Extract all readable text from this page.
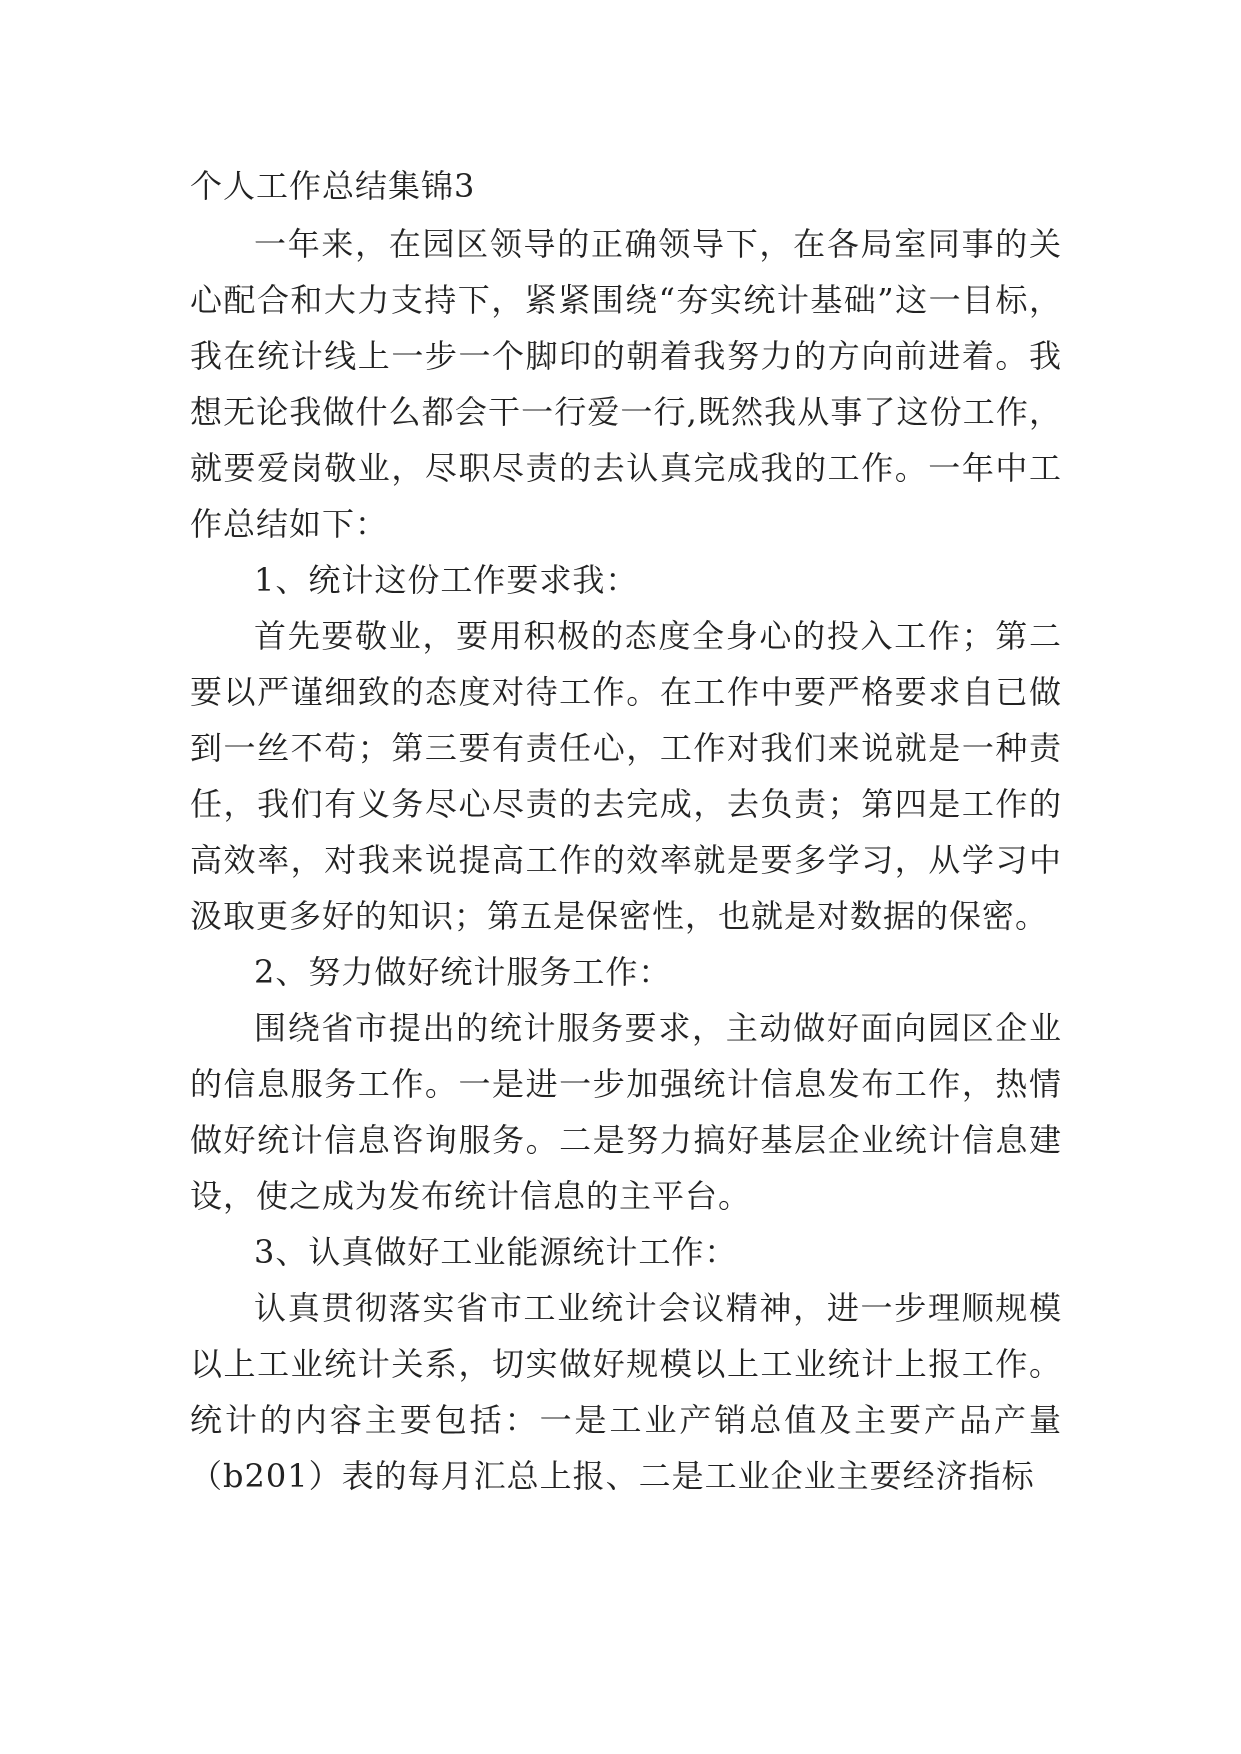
个人工作总结集锦3

一年来，在园区领导的正确领导下，在各局室同事的关心配合和大力支持下，紧紧围绕“夯实统计基础”这一目标，我在统计线上一步一个脚印的朝着我努力的方向前进着。我想无论我做什么都会干一行爱一行,既然我从事了这份工作，就要爱岗敬业，尽职尽责的去认真完成我的工作。一年中工作总结如下：

1、统计这份工作要求我：

首先要敬业，要用积极的态度全身心的投入工作；第二要以严谨细致的态度对待工作。在工作中要严格要求自已做到一丝不苟；第三要有责任心，工作对我们来说就是一种责任，我们有义务尽心尽责的去完成，去负责；第四是工作的高效率，对我来说提高工作的效率就是要多学习，从学习中汲取更多好的知识；第五是保密性，也就是对数据的保密。

2、努力做好统计服务工作：

围绕省市提出的统计服务要求，主动做好面向园区企业的信息服务工作。一是进一步加强统计信息发布工作，热情做好统计信息咨询服务。二是努力搞好基层企业统计信息建设，使之成为发布统计信息的主平台。

3、认真做好工业能源统计工作：

认真贯彻落实省市工业统计会议精神，进一步理顺规模以上工业统计关系，切实做好规模以上工业统计上报工作。统计的内容主要包括：一是工业产销总值及主要产品产量（b201）表的每月汇总上报、二是工业企业主要经济指标
